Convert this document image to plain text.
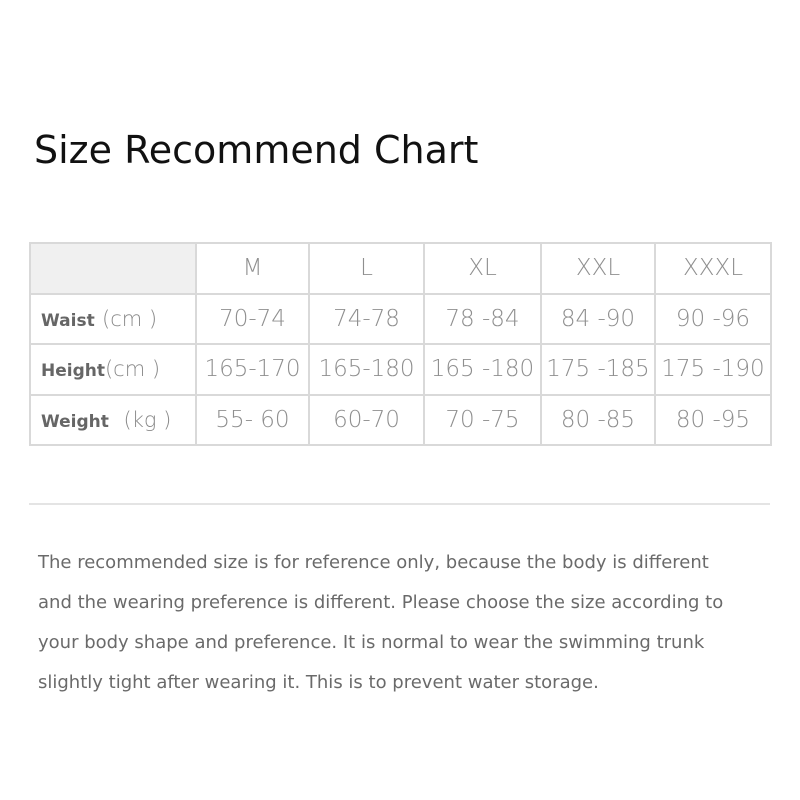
Size Recommend Chart
	M	L	XL	XXL	XXXL
Waist (cm )	70-74	74-78	78 -84	84 -90	90 -96
Height(cm )	165-170	165-180	165 -180	175 -185	175 -190
Weight (kg )	55- 60	60-70	70 -75	80 -85	80 -95
The recommended size is for reference only, because the body is different
and the wearing preference is different. Please choose the size according to
your body shape and preference. It is normal to wear the swimming trunk
slightly tight after wearing it. This is to prevent water storage.
